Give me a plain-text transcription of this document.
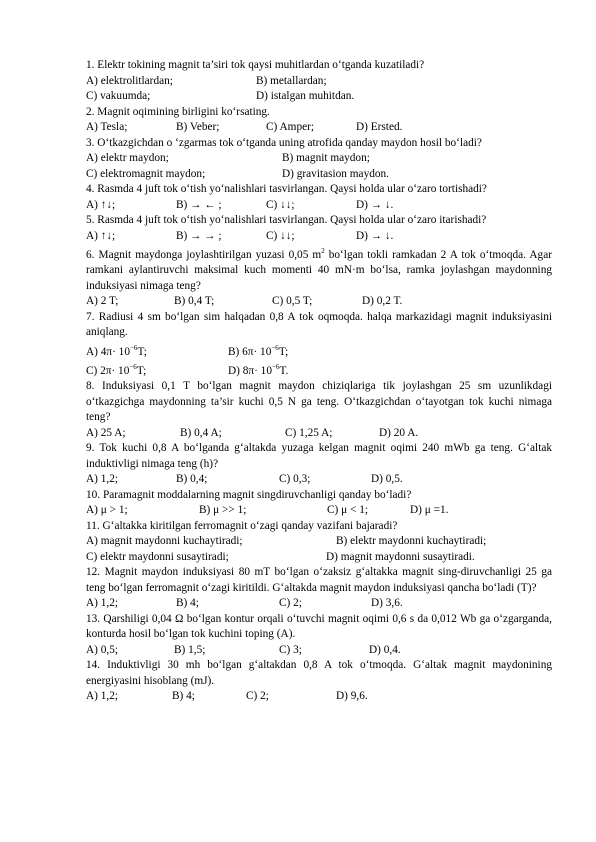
1. Elektr tokining magnit ta’siri tok qaysi muhitlardan o‘tganda kuzatiladi?
A) elektrolitlardan;	B) metallardan;
C) vakuumda;	D) istalgan muhitdan.
2. Magnit oqimining birligini ko‘rsating.
A) Tesla;	B) Veber;	C) Amper;	D) Ersted.
3. O‘tkazgichdan o ‘zgarmas tok o‘tganda uning atrofida qanday maydon hosil bo‘ladi?
A) elektr maydon;	B) magnit maydon;
C) elektromagnit maydon;	D) gravitasion maydon.
4. Rasmda 4 juft tok o‘tish yo‘nalishlari tasvirlangan. Qaysi holda ular o‘zaro tortishadi?
A) ↑↓;	B) → ← ;	C) ↓↓;	D) → ↓.
5. Rasmda 4 juft tok o‘tish yo‘nalishlari tasvirlangan. Qaysi holda ular o‘zaro itarishadi?
A) ↑↓;	B) → → ;	C) ↓↓;	D) → ↓.
6. Magnit maydonga joylashtirilgan yuzasi 0,05 $m^2$ bo‘lgan tokli ramkadan 2 A tok o‘tmoqda. Agar ramkani aylantiruvchi maksimal kuch momenti 40 mN·m bo‘lsa, ramka joylashgan maydonning induksiyasi nimaga teng?
A) 2 T;	B) 0,4 T;	C) 0,5 T;	D) 0,2 T.
7. Radiusi 4 sm bo‘lgan sim halqadan 0,8 A tok oqmoqda. halqa markazidagi magnit induksiyasini aniqlang.
A) $4\pi\cdot 10^{-6}T$;	B) $6\pi\cdot 10^{-6}T$;
C) $2\pi\cdot 10^{-6}T$;	D) $8\pi\cdot 10^{-6}T$.
8. Induksiyasi 0,1 T bo‘lgan magnit maydon chiziqlariga tik joylashgan 25 sm uzunlikdagi o‘tkazgichga maydonning ta’sir kuchi 0,5 N ga teng. O‘tkazgichdan o‘tayotgan tok kuchi nimaga teng?
A) 25 A;	B) 0,4 A;	C) 1,25 A;	D) 20 A.
9. Tok kuchi 0,8 A bo‘lganda g‘altakda yuzaga kelgan magnit oqimi 240 mWb ga teng. G‘altak induktivligi nimaga teng (h)?
A) 1,2;	B) 0,4;	C) 0,3;	D) 0,5.
10. Paramagnit moddalarning magnit singdiruvchanligi qanday bo‘ladi?
A) μ > 1;	B) μ >> 1;	C) μ < 1;	D) μ =1.
11. G‘altakka kiritilgan ferromagnit o‘zagi qanday vazifani bajaradi?
A) magnit maydonni kuchaytiradi;	B) elektr maydonni kuchaytiradi;
C) elektr maydonni susaytiradi;	D) magnit maydonni susaytiradi.
12. Magnit maydon induksiyasi 80 mT bo‘lgan o‘zaksiz g‘altakka magnit sing-diruvchanligi 25 ga teng bo‘lgan ferromagnit o‘zagi kiritildi. G‘altakda magnit maydon induksiyasi qancha bo‘ladi (T)?
A) 1,2;	B) 4;	C) 2;	D) 3,6.
13. Qarshiligi 0,04 Ω bo‘lgan kontur orqali o‘tuvchi magnit oqimi 0,6 s da 0,012 Wb ga o‘zgarganda, konturda hosil bo‘lgan tok kuchini toping (A).
A) 0,5;	B) 1,5;	C) 3;	D) 0,4.
14. Induktivligi 30 mh bo‘lgan g‘altakdan 0,8 A tok o‘tmoqda. G‘altak magnit maydonining energiyasini hisoblang (mJ).
A) 1,2;	B) 4;	C) 2;	D) 9,6.
